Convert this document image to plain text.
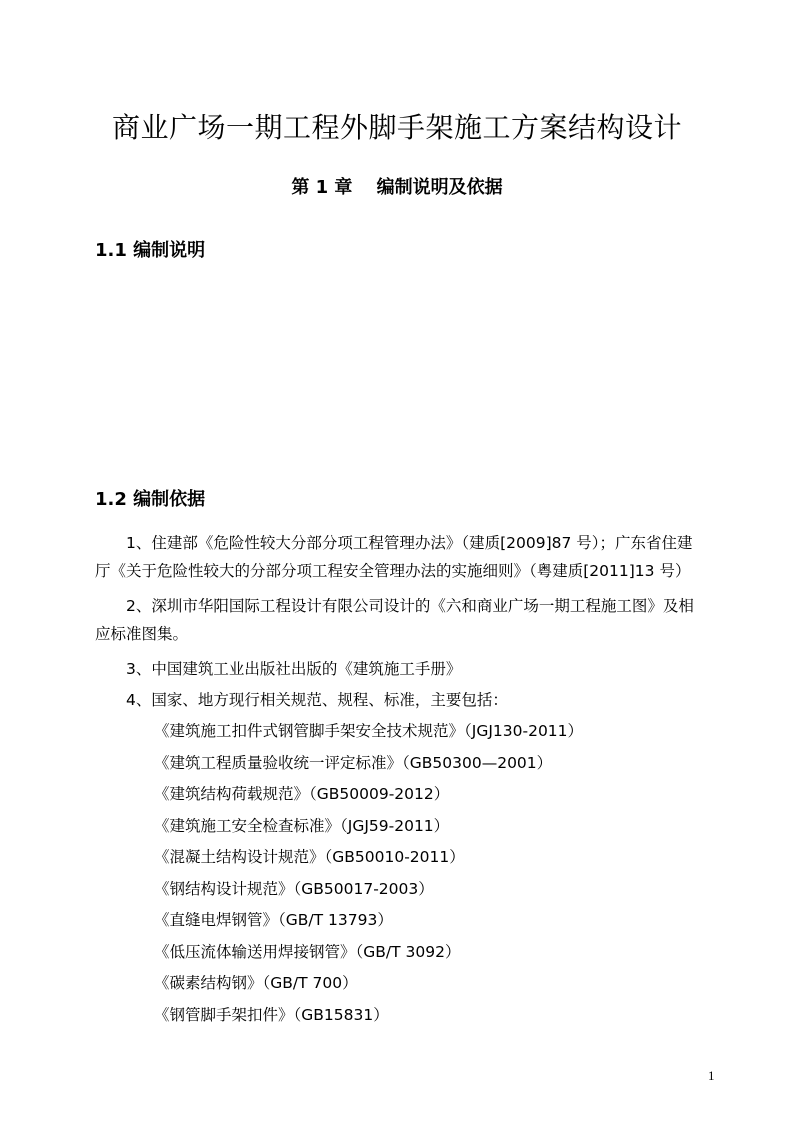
商业广场一期工程外脚手架施工方案结构设计
第 1 章　 编制说明及依据
1.1 编制说明
1.2 编制依据
1、住建部《危险性较大分部分项工程管理办法》（建质[2009]87 号）；广东省住建厅《关于危险性较大的分部分项工程安全管理办法的实施细则》（粤建质[2011]13 号）
2、深圳市华阳国际工程设计有限公司设计的《六和商业广场一期工程施工图》及相应标准图集。
3、中国建筑工业出版社出版的《建筑施工手册》
4、国家、地方现行相关规范、规程、标准，主要包括：
《建筑施工扣件式钢管脚手架安全技术规范》（JGJ130-2011）
《建筑工程质量验收统一评定标准》（GB50300—2001）
《建筑结构荷载规范》（GB50009-2012）
《建筑施工安全检查标准》（JGJ59-2011）
《混凝土结构设计规范》（GB50010-2011）
《钢结构设计规范》（GB50017-2003）
《直缝电焊钢管》（GB/T 13793）
《低压流体输送用焊接钢管》（GB/T 3092）
《碳素结构钢》（GB/T 700）
《钢管脚手架扣件》（GB15831）
1
